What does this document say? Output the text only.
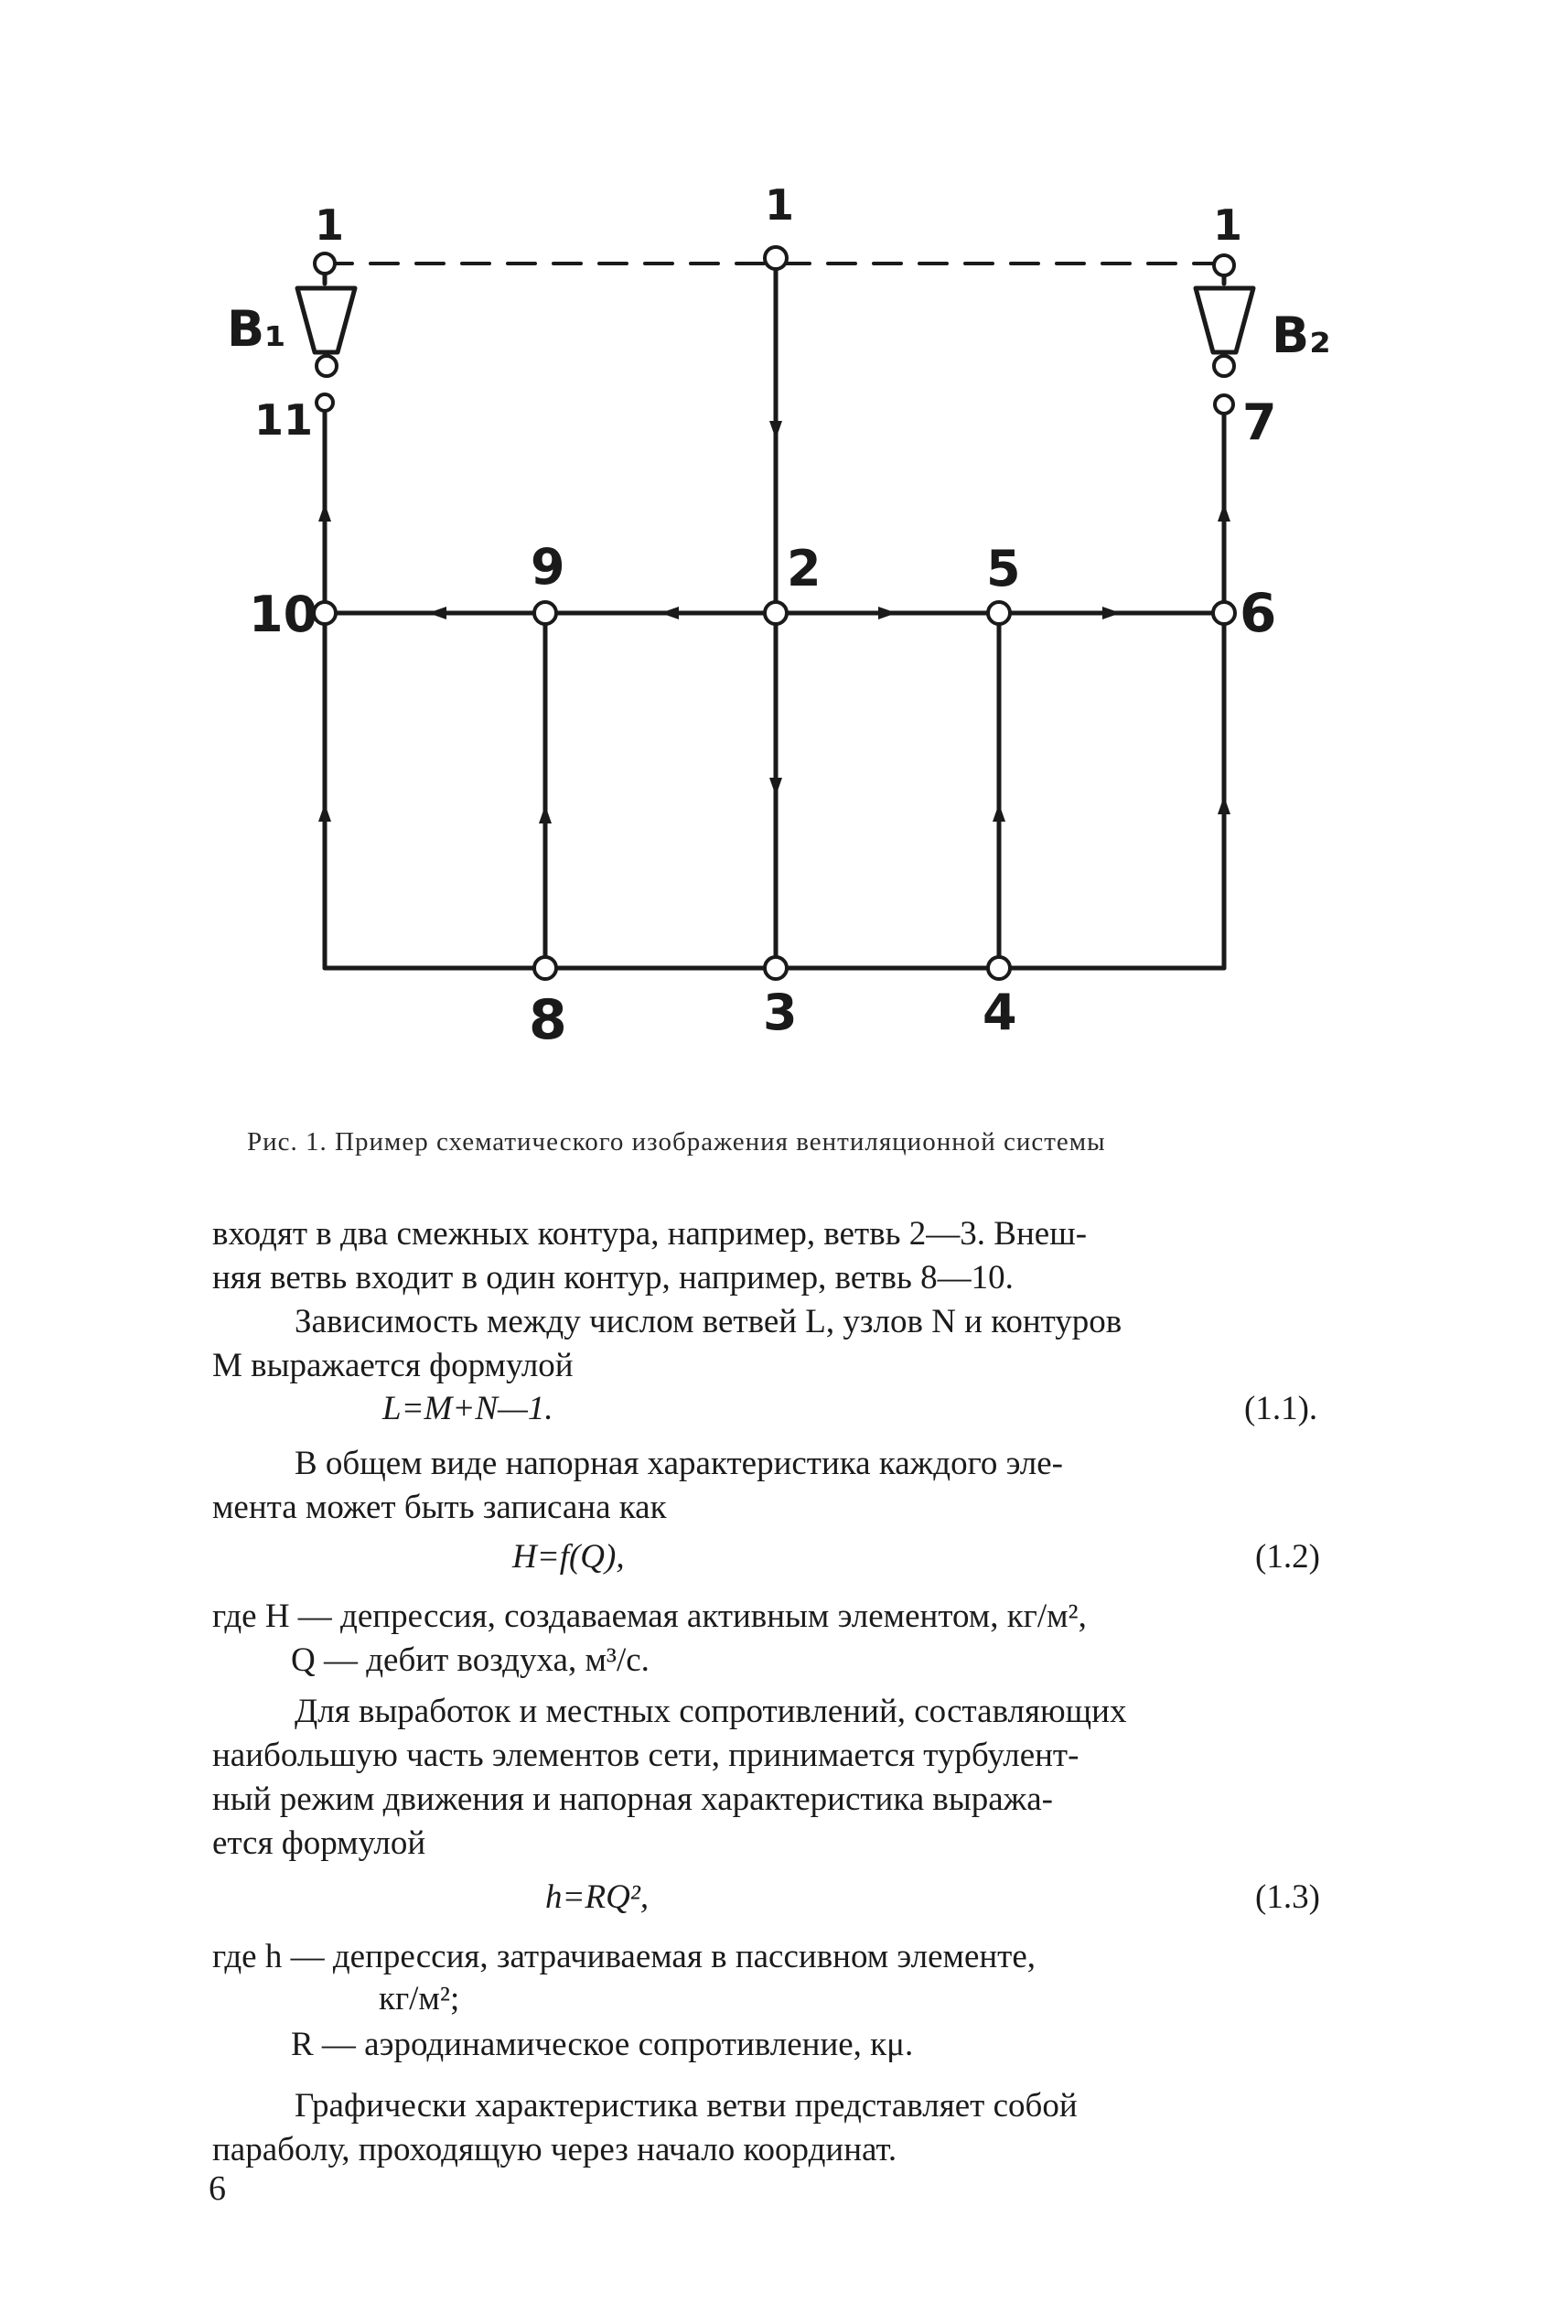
1	1	1
B₁	B₂
11	7
10
9	2	5
6
8	3	4
Рис. 1. Пример схематического изображения вентиляционной системы
входят в два смежных контура, например, ветвь 2—3. Внеш-
няя ветвь входит в один контур, например, ветвь 8—10.
Зависимость между числом ветвей L, узлов N и контуров
M выражается формулой
L=M+N—1.	(1.1).
В общем виде напорная характеристика каждого эле-
мента может быть записана как
H=f(Q),	(1.2)
где H — депрессия, создаваемая активным элементом, кг/м²,
Q — дебит воздуха, м³/с.
Для выработок и местных сопротивлений, составляющих
наибольшую часть элементов сети, принимается турбулент-
ный режим движения и напорная характеристика выража-
ется формулой
h=RQ²,	(1.3)
где h — депрессия, затрачиваемая в пассивном элементе,
кг/м²;
R — аэродинамическое сопротивление, кμ.
Графически характеристика ветви представляет собой
параболу, проходящую через начало координат.
6
